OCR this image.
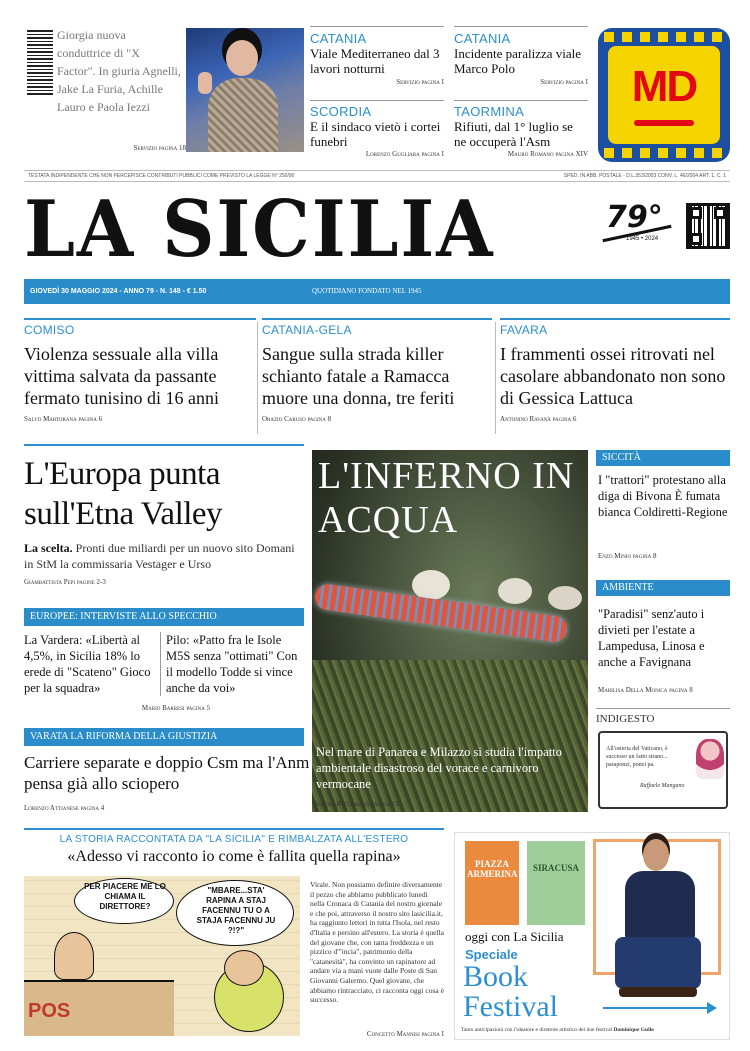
Giorgia nuova conduttrice di "X Factor". In giuria Agnelli, Jake La Furia, Achille Lauro e Paola Iezzi
Servizio pagina 18
CATANIA
Viale Mediterraneo dal 3 lavori notturni
Servizio pagina I
CATANIA
Incidente paralizza viale Marco Polo
Servizio pagina I
SCORDIA
E il sindaco vietò i cortei funebri
Lorenzo Gugliara pagina I
TAORMINA
Rifiuti, dal 1° luglio se ne occuperà l'Asm
Mauro Romano pagina XIV
MD
TESTATA INDIPENDENTE CHE NON PERCEPISCE CONTRIBUTI PUBBLICI COME PREVISTO LA LEGGE N° 250/90	SPED. IN ABB. POSTALE - D.L.353/2003 CONV. L. 46/2004 ART. 1, C. 1
LA SICILIA	79°
1945 • 2024
GIOVEDÌ 30 MAGGIO 2024 - ANNO 79 - N. 148 - € 1.50	QUOTIDIANO FONDATO NEL 1945
COMISO
Violenza sessuale alla villa vittima salvata da passante fermato tunisino di 16 anni
Salvo Martorana pagina 6
CATANIA-GELA
Sangue sulla strada killer schianto fatale a Ramacca muore una donna, tre feriti
Orazio Caruso pagina 8
FAVARA
I frammenti ossei ritrovati nel casolare abbandonato non sono di Gessica Lattuca
Antonino Ravanà pagina 6
L'Europa punta sull'Etna Valley
La scelta. Pronti due miliardi per un nuovo sito Domani in StM la commissaria Vestager e Urso
Giambattista Pepi pagine 2-3
EUROPEE: INTERVISTE ALLO SPECCHIO
La Vardera: «Libertà al 4,5%, in Sicilia 18% lo erede di "Scateno" Gioco per la squadra»
Pilo: «Patto fra le Isole M5S senza "ottimati" Con il modello Todde si vince anche da voi»
Mario Barresi pagina 5
VARATA LA RIFORMA DELLA GIUSTIZIA
Carriere separate e doppio Csm ma l'Anm pensa già allo sciopero
Lorenzo Attianese pagina 4
L'INFERNO IN ACQUA
Nel mare di Panarea e Milazzo si studia l'impatto ambientale disastroso del vorace e carnivoro vermocane
Serena Battipaglia pagina 13
SICCITÀ
I "trattori" protestano alla diga di Bivona È fumata bianca Coldiretti-Regione
Enzo Minio pagina 8
AMBIENTE
"Paradisi" senz'auto i divieti per l'estate a Lampedusa, Linosa e anche a Favignana
Marilisa Della Monica pagina 8
INDIGESTO
All'osteria del Vaticano, è successo un fatto strano... paraponzi, ponzi pa.
Raffaele Mangano
LA STORIA RACCONTATA DA "LA SICILIA" E RIMBALZATA ALL'ESTERO
«Adesso vi racconto io come è fallita quella rapina»
PER PIACERE ME LO CHIAMA IL DIRETTORE?
"MBARE...STA' RAPINA A STAJ FACENNU TU O A STAJA FACENNU JU ?!?"
POS
Virale. Non possiamo definire diversamente il pezzo che abbiamo pubblicato lunedì nella Cronaca di Catania del nostro giornale e che poi, attraverso il nostro sito lasicilia.it, ha raggiunto lettori in tutta l'Isola, nel resto d'Italia e persino all'estero. La storia è quella del giovane che, con tanta freddezza e un pizzico d'"incia", patrimonio della "catanesità", ha convinto un rapinatore ad andare via a mani vuote dalle Poste di San Giovanni Galermo. Quel giovane, che abbiamo rintracciato, ci racconta oggi cosa è successo.
Concetto Mannisi pagina I
PIAZZA ARMERINA
SIRACUSA
oggi con La Sicilia
Speciale
Book
Festival
Tanto anticipazioni con l'ideatore e direttore artistico dei due festival Dominique Gullo
